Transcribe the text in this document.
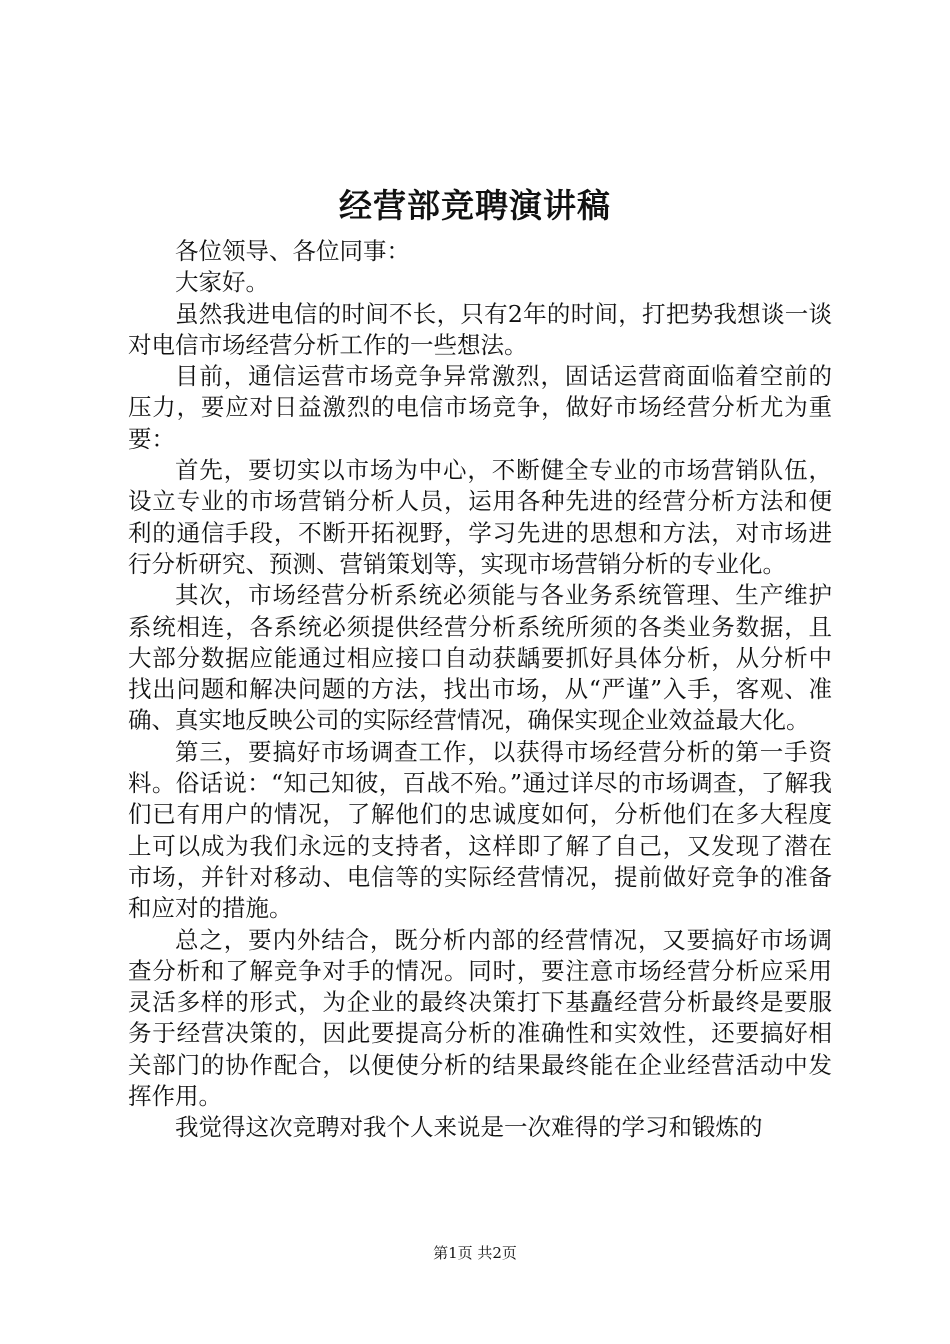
经营部竞聘演讲稿

各位领导、各位同事：

大家好。

虽然我进电信的时间不长，只有2年的时间，打把势我想谈一谈对电信市场经营分析工作的一些想法。

目前，通信运营市场竞争异常激烈，固话运营商面临着空前的压力，要应对日益激烈的电信市场竞争，做好市场经营分析尤为重要：

首先，要切实以市场为中心，不断健全专业的市场营销队伍，设立专业的市场营销分析人员，运用各种先进的经营分析方法和便利的通信手段，不断开拓视野，学习先进的思想和方法，对市场进行分析研究、预测、营销策划等，实现市场营销分析的专业化。

其次，市场经营分析系统必须能与各业务系统管理、生产维护系统相连，各系统必须提供经营分析系统所须的各类业务数据，且大部分数据应能通过相应接口自动获龋要抓好具体分析，从分析中找出问题和解决问题的方法，找出市场，从“严谨”入手，客观、准确、真实地反映公司的实际经营情况，确保实现企业效益最大化。

第三，要搞好市场调查工作，以获得市场经营分析的第一手资料。俗话说：“知己知彼，百战不殆。”通过详尽的市场调查，了解我们已有用户的情况，了解他们的忠诚度如何，分析他们在多大程度上可以成为我们永远的支持者，这样即了解了自己，又发现了潜在市场，并针对移动、电信等的实际经营情况，提前做好竞争的准备和应对的措施。

总之，要内外结合，既分析内部的经营情况，又要搞好市场调查分析和了解竞争对手的情况。同时，要注意市场经营分析应采用灵活多样的形式，为企业的最终决策打下基矗经营分析最终是要服务于经营决策的，因此要提高分析的准确性和实效性，还要搞好相关部门的协作配合，以便使分析的结果最终能在企业经营活动中发挥作用。

我觉得这次竞聘对我个人来说是一次难得的学习和锻炼的

第1页 共2页
